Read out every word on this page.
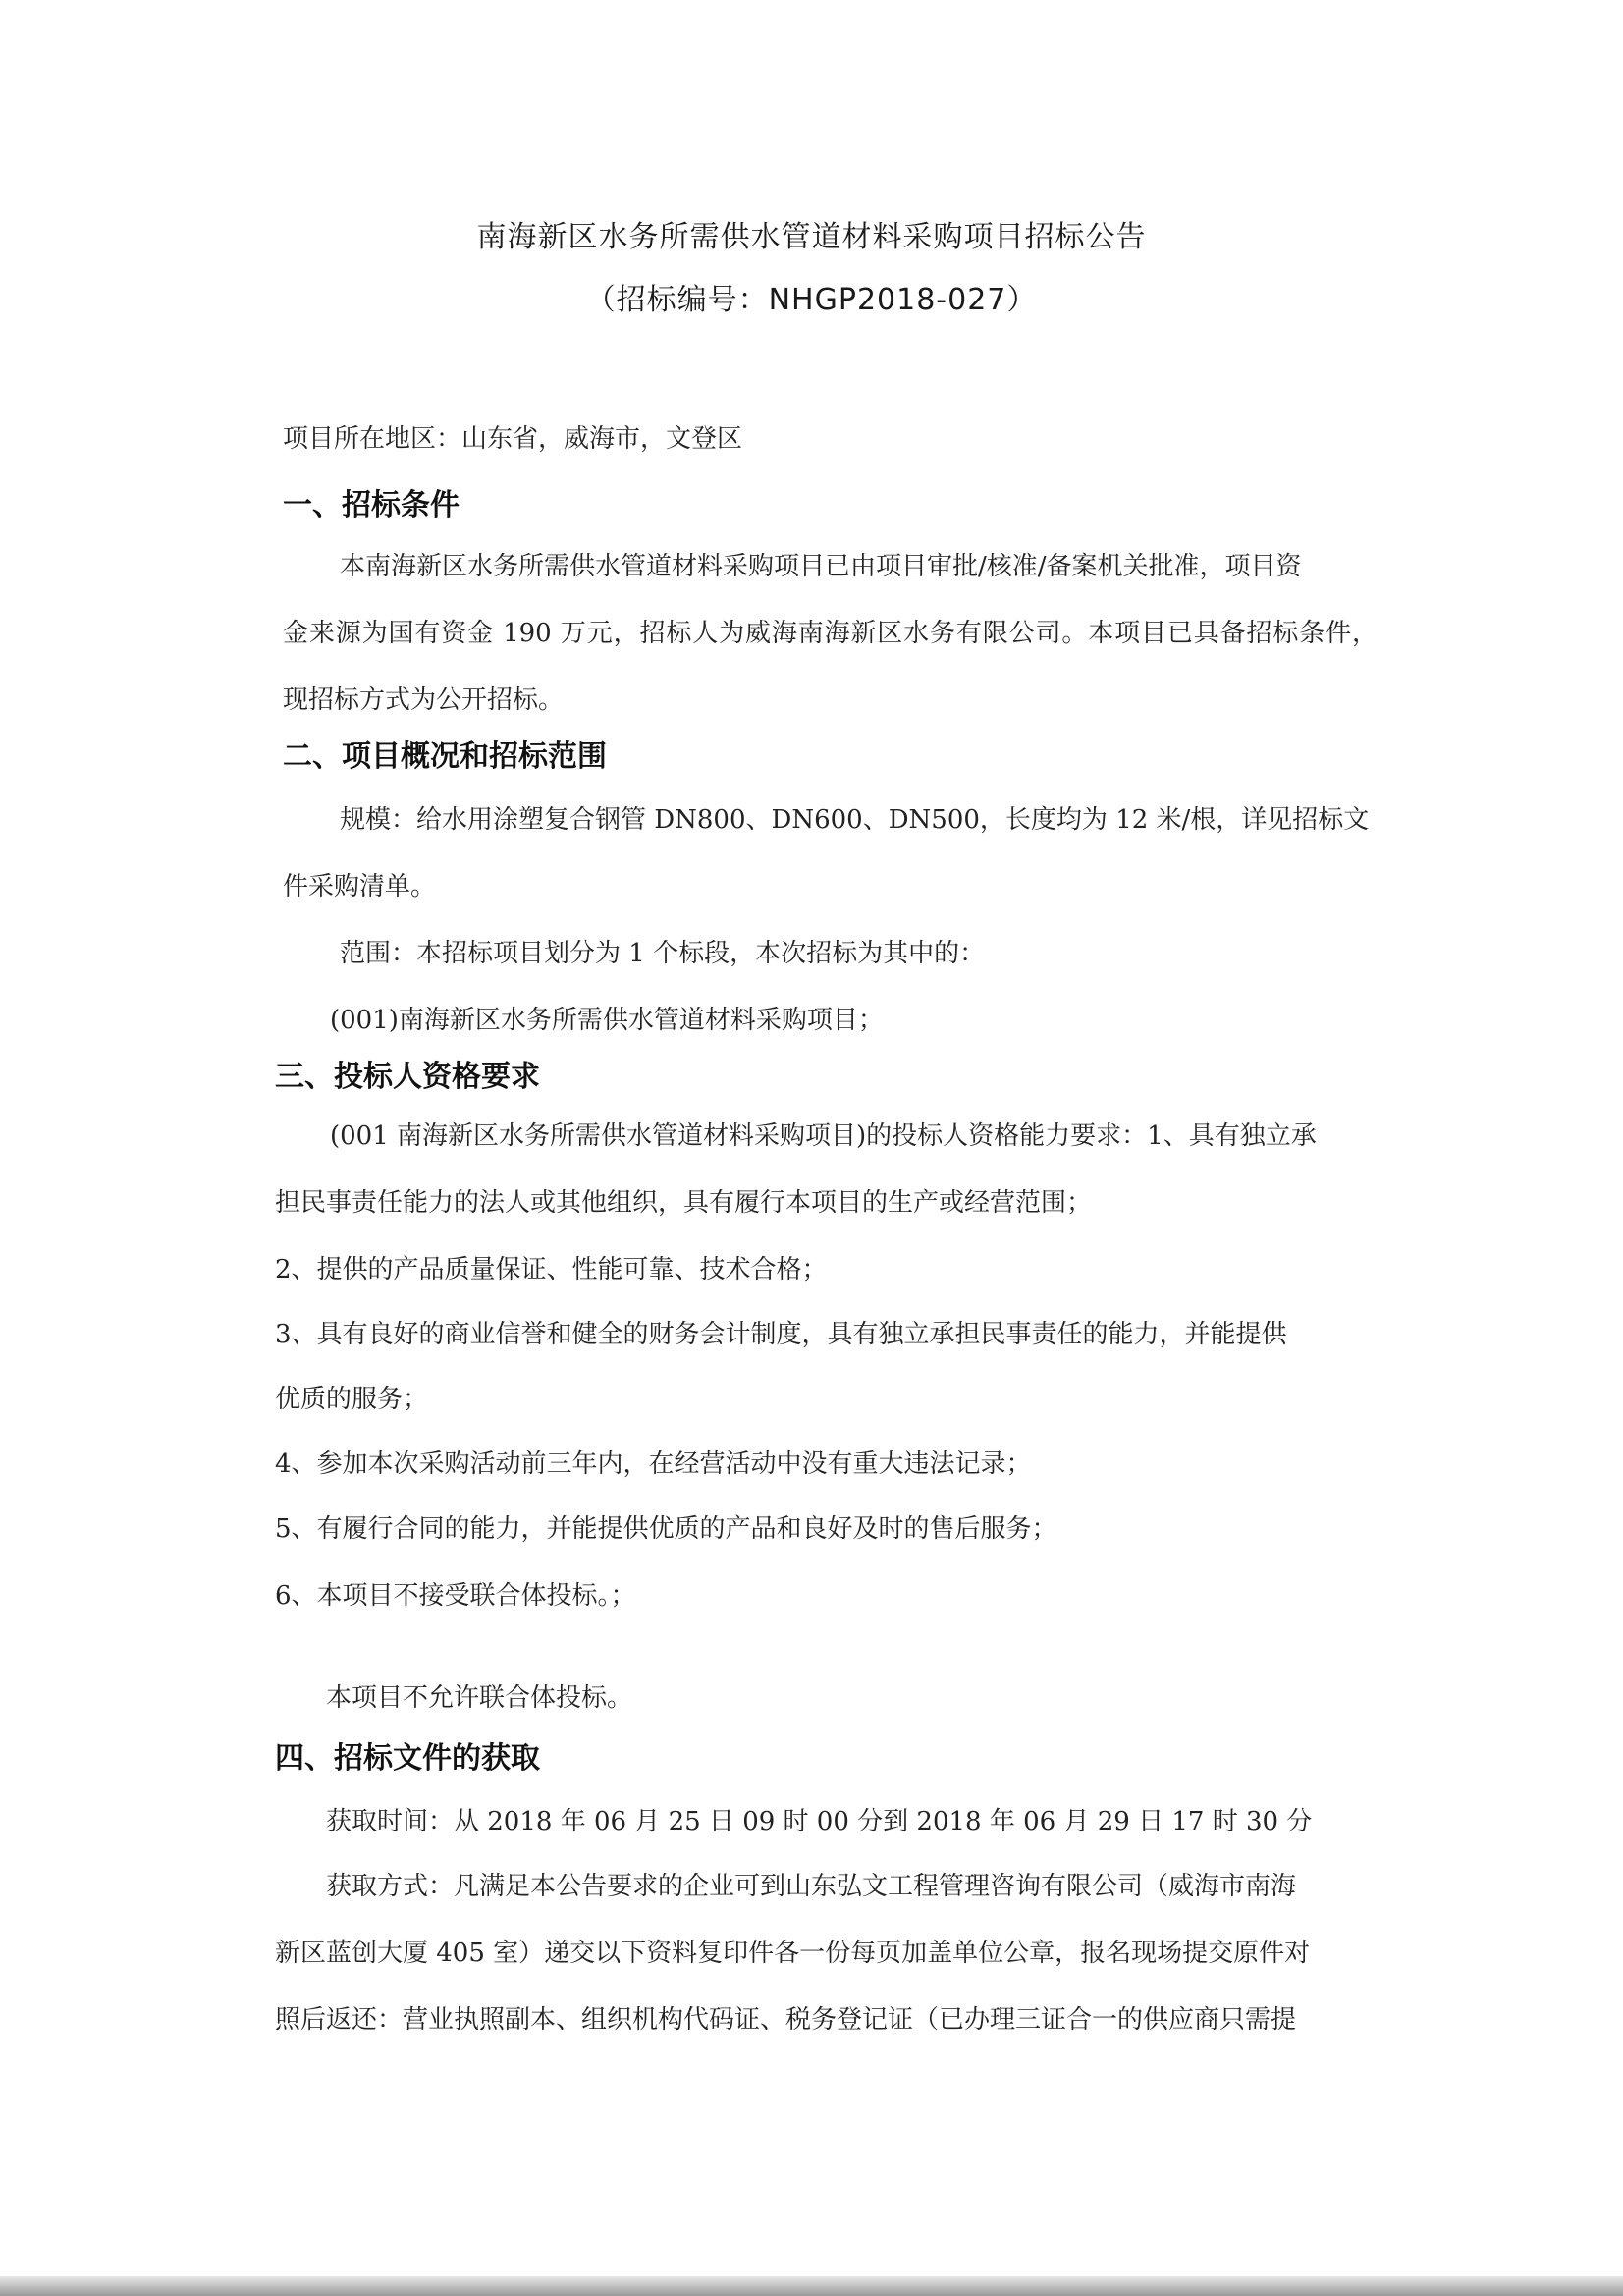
南海新区水务所需供水管道材料采购项目招标公告
（招标编号：NHGP2018-027）
项目所在地区：山东省，威海市，文登区
一、招标条件
本南海新区水务所需供水管道材料采购项目已由项目审批/核准/备案机关批准，项目资
金来源为国有资金 190 万元，招标人为威海南海新区水务有限公司。本项目已具备招标条件，
现招标方式为公开招标。
二、项目概况和招标范围
规模：给水用涂塑复合钢管 DN800、DN600、DN500，长度均为 12 米/根，详见招标文
件采购清单。
范围：本招标项目划分为 1 个标段，本次招标为其中的：
(001)南海新区水务所需供水管道材料采购项目；
三、投标人资格要求
(001 南海新区水务所需供水管道材料采购项目)的投标人资格能力要求：1、具有独立承
担民事责任能力的法人或其他组织，具有履行本项目的生产或经营范围；
2、提供的产品质量保证、性能可靠、技术合格；
3、具有良好的商业信誉和健全的财务会计制度，具有独立承担民事责任的能力，并能提供
优质的服务；
4、参加本次采购活动前三年内，在经营活动中没有重大违法记录；
5、有履行合同的能力，并能提供优质的产品和良好及时的售后服务；
6、本项目不接受联合体投标。；
本项目不允许联合体投标。
四、招标文件的获取
获取时间：从 2018 年 06 月 25 日 09 时 00 分到 2018 年 06 月 29 日 17 时 30 分
获取方式：凡满足本公告要求的企业可到山东弘文工程管理咨询有限公司（威海市南海
新区蓝创大厦 405 室）递交以下资料复印件各一份每页加盖单位公章，报名现场提交原件对
照后返还：营业执照副本、组织机构代码证、税务登记证（已办理三证合一的供应商只需提
